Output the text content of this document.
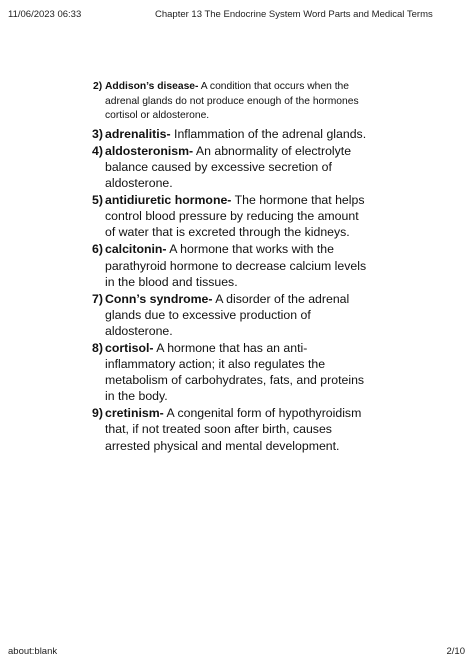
11/06/2023 06:33	Chapter 13 The Endocrine System Word Parts and Medical Terms
2) Addison’s disease- A condition that occurs when the adrenal glands do not produce enough of the hormones cortisol or aldosterone.
3) adrenalitis- Inflammation of the adrenal glands.
4) aldosteronism- An abnormality of electrolyte balance caused by excessive secretion of aldosterone.
5) antidiuretic hormone- The hormone that helps control blood pressure by reducing the amount of water that is excreted through the kidneys.
6) calcitonin- A hormone that works with the parathyroid hormone to decrease calcium levels in the blood and tissues.
7) Conn’s syndrome- A disorder of the adrenal glands due to excessive production of aldosterone.
8) cortisol- A hormone that has an anti-inflammatory action; it also regulates the metabolism of carbohydrates, fats, and proteins in the body.
9) cretinism- A congenital form of hypothyroidism that, if not treated soon after birth, causes arrested physical and mental development.
about:blank	2/10
